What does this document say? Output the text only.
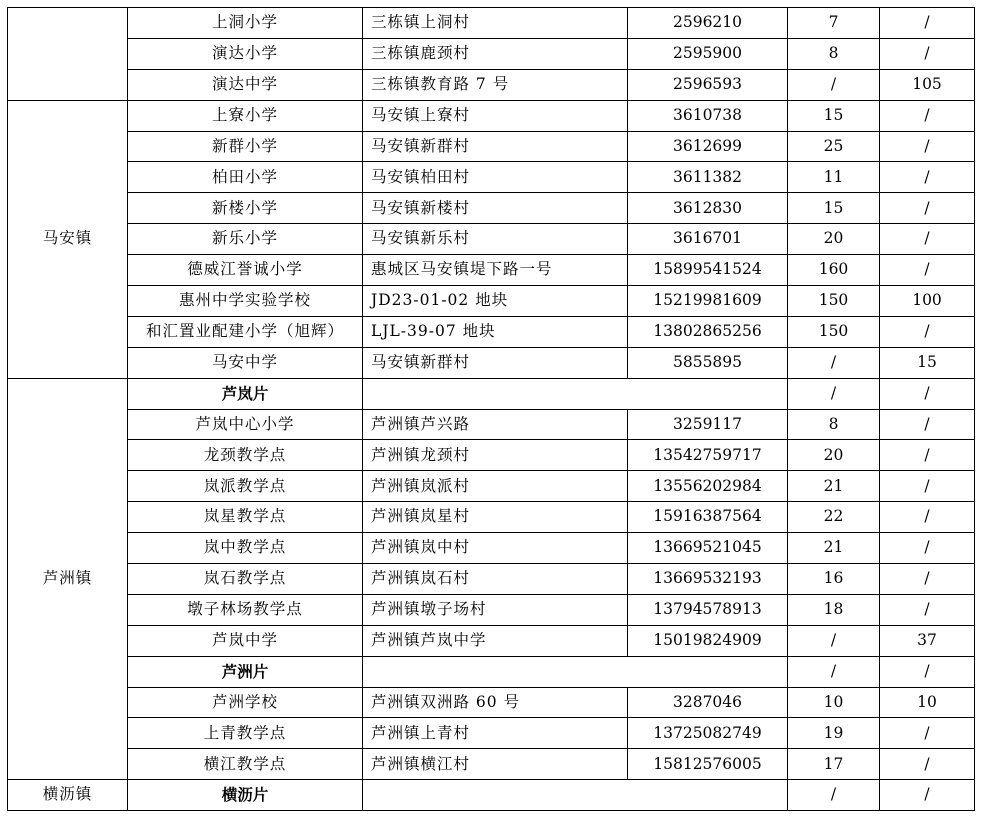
	上洞小学	三栋镇上洞村	2596210	7	/
	演达小学	三栋镇鹿颈村	2595900	8	/
	演达中学	三栋镇教育路 7 号	2596593	/	105
马安镇	上寮小学	马安镇上寮村	3610738	15	/
	新群小学	马安镇新群村	3612699	25	/
	柏田小学	马安镇柏田村	3611382	11	/
	新楼小学	马安镇新楼村	3612830	15	/
	新乐小学	马安镇新乐村	3616701	20	/
	德威江誉诚小学	惠城区马安镇堤下路一号	15899541524	160	/
	惠州中学实验学校	JD23-01-02 地块	15219981609	150	100
	和汇置业配建小学（旭辉）	LJL-39-07 地块	13802865256	150	/
	马安中学	马安镇新群村	5855895	/	15
芦洲镇	芦岚片			/	/
	芦岚中心小学	芦洲镇芦兴路	3259117	8	/
	龙颈教学点	芦洲镇龙颈村	13542759717	20	/
	岚派教学点	芦洲镇岚派村	13556202984	21	/
	岚星教学点	芦洲镇岚星村	15916387564	22	/
	岚中教学点	芦洲镇岚中村	13669521045	21	/
	岚石教学点	芦洲镇岚石村	13669532193	16	/
	墩子林场教学点	芦洲镇墩子场村	13794578913	18	/
	芦岚中学	芦洲镇芦岚中学	15019824909	/	37
	芦洲片			/	/
	芦洲学校	芦洲镇双洲路 60 号	3287046	10	10
	上青教学点	芦洲镇上青村	13725082749	19	/
	横江教学点	芦洲镇横江村	15812576005	17	/
横沥镇	横沥片			/	/
